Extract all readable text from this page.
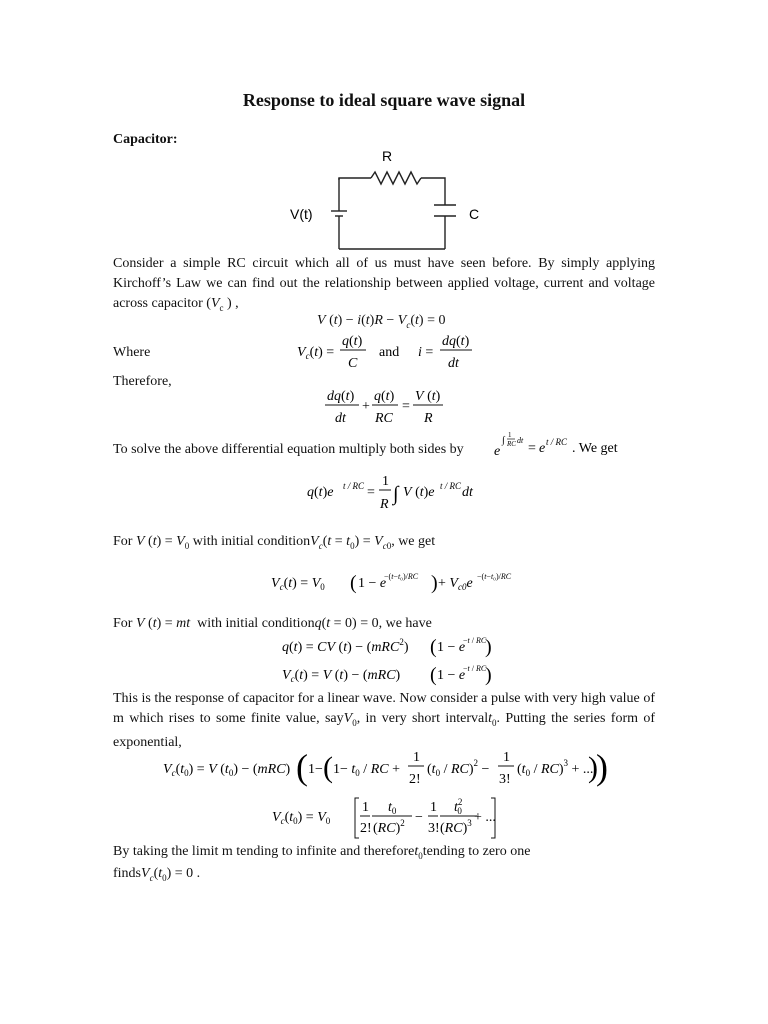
Response to ideal square wave signal
Capacitor:
R
V(t)	C
Consider a simple RC circuit which all of us must have seen before. By simply applying Kirchoff’s Law we can find out the relationship between applied voltage, current and voltage across capacitor ($V_c$ ) ,
V $(t) - i(t)R - V_c(t) = 0$
Where	$V_c(t)$ =
q(t)
C
and i =
dq(t)
dt
Therefore,
dq(t)
dt
+
q(t)
RC
=
V (t)
R
To solve the above differential equation multiply both sides by e
∫ 1
RC dt
= e t / RC . We get
q(t)e t / RC =
1
R ∫ V (t)e t / RC dt
For V $(t) = V_0$ with initial conditionV$_c$(t = $t_0) = V_{c0}$, we get
$V_c(t) = V_0$ ( 1 − e
−(t−t₀)/RC ) + $V_{c0}e -(t-t_0)/RC$
For V (t) = mt with initial conditionq(t = 0) = 0, we have
q(t) = CV (t) − (mRC$^2$) ( 1 − e
−t / RC
)
$V_c(t) = V$ (t) − (mRC) ( 1 − e
−t / RC
)
This is the response of capacitor for a linear wave. Now consider a pulse with very high value of m which rises to some finite value, sayV$_0$, in very short intervalt$_0$. Putting the series form of exponential,
$V_c(t_0) = V$ $(t_0) - (mRC)$ ( 1− ( $1- t_0$ / RC +
1
2!
$(t_0 / RC)^2$ −
1
3!
$(t_0 / RC)^3$ + ...
)
)
$V_c(t_0) = V_0$
1
2!
$t_0$
(RC)$^2$ −
1
3!
$t^2$ 0
(RC)$^3$ + ...
By taking the limit m tending to infinite and thereforet$_0$tending to zero one
$findsV_c(t_0) = 0$ .
